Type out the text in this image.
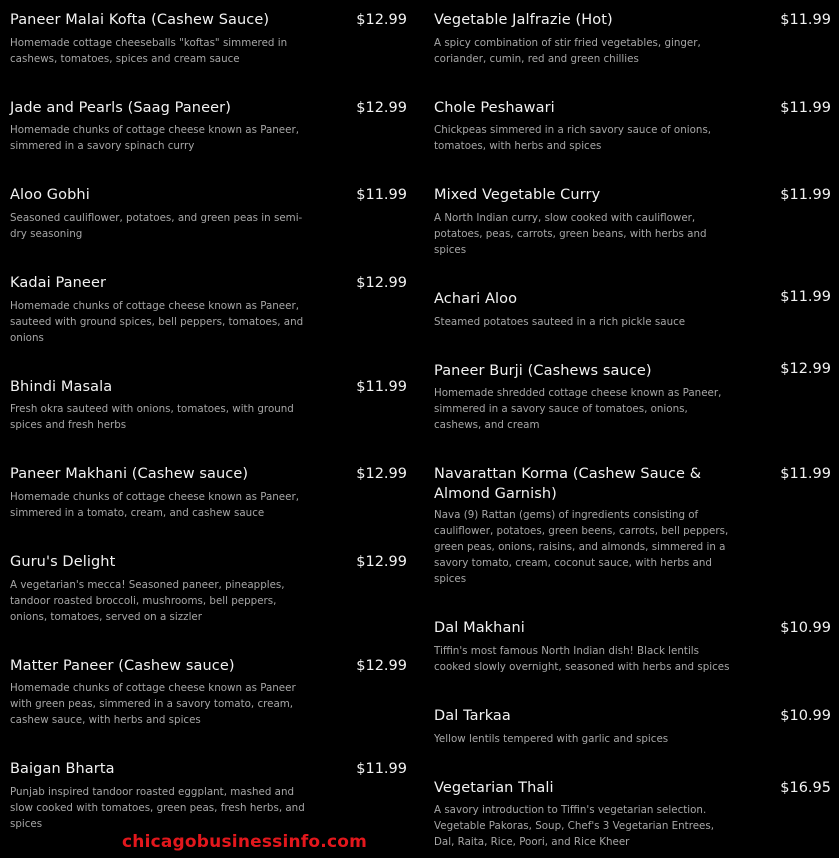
Paneer Malai Kofta (Cashew Sauce)	$12.99
Homemade cottage cheeseballs "koftas" simmered in cashews, tomatoes, spices and cream sauce
Jade and Pearls (Saag Paneer)	$12.99
Homemade chunks of cottage cheese known as Paneer, simmered in a savory spinach curry
Aloo Gobhi	$11.99
Seasoned cauliflower, potatoes, and green peas in semi-dry seasoning
Kadai Paneer	$12.99
Homemade chunks of cottage cheese known as Paneer, sauteed with ground spices, bell peppers, tomatoes, and onions
Bhindi Masala	$11.99
Fresh okra sauteed with onions, tomatoes, with ground spices and fresh herbs
Paneer Makhani (Cashew sauce)	$12.99
Homemade chunks of cottage cheese known as Paneer, simmered in a tomato, cream, and cashew sauce
Guru's Delight	$12.99
A vegetarian's mecca! Seasoned paneer, pineapples, tandoor roasted broccoli, mushrooms, bell peppers, onions, tomatoes, served on a sizzler
Matter Paneer (Cashew sauce)	$12.99
Homemade chunks of cottage cheese known as Paneer with green peas, simmered in a savory tomato, cream, cashew sauce, with herbs and spices
Baigan Bharta	$11.99
Punjab inspired tandoor roasted eggplant, mashed and slow cooked with tomatoes, green peas, fresh herbs, and spices
Vegetable Jalfrazie (Hot)	$11.99
A spicy combination of stir fried vegetables, ginger, coriander, cumin, red and green chillies
Chole Peshawari	$11.99
Chickpeas simmered in a rich savory sauce of onions, tomatoes, with herbs and spices
Mixed Vegetable Curry	$11.99
A North Indian curry, slow cooked with cauliflower, potatoes, peas, carrots, green beans, with herbs and spices
Achari Aloo	$11.99
Steamed potatoes sauteed in a rich pickle sauce
Paneer Burji (Cashews sauce)	$12.99
Homemade shredded cottage cheese known as Paneer, simmered in a savory sauce of tomatoes, onions, cashews, and cream
Navarattan Korma (Cashew Sauce & Almond Garnish)
$11.99
Nava (9) Rattan (gems) of ingredients consisting of cauliflower, potatoes, green beens, carrots, bell peppers, green peas, onions, raisins, and almonds, simmered in a savory tomato, cream, coconut sauce, with herbs and spices
Dal Makhani	$10.99
Tiffin's most famous North Indian dish! Black lentils cooked slowly overnight, seasoned with herbs and spices
Dal Tarkaa	$10.99
Yellow lentils tempered with garlic and spices
Vegetarian Thali	$16.95
A savory introduction to Tiffin's vegetarian selection. Vegetable Pakoras, Soup, Chef's 3 Vegetarian Entrees, Dal, Raita, Rice, Poori, and Rice Kheer
chicagobusinessinfo.com
